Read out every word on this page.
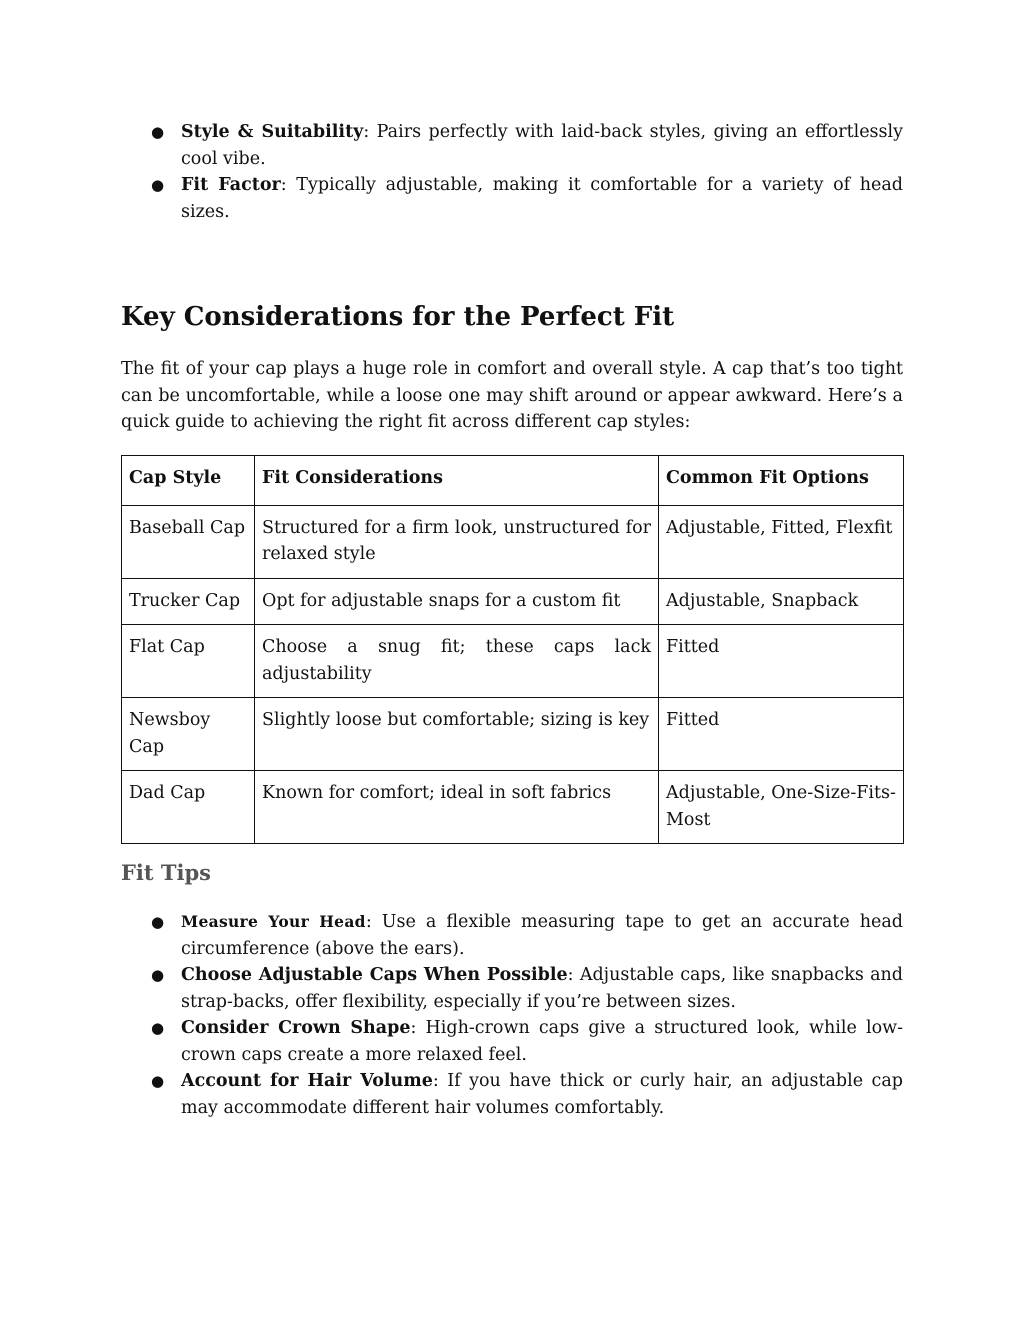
● Style & Suitability: Pairs perfectly with laid-back styles, giving an effortlessly cool vibe.
● Fit Factor: Typically adjustable, making it comfortable for a variety of head sizes.
Key Considerations for the Perfect Fit

The fit of your cap plays a huge role in comfort and overall style. A cap that’s too tight can be uncomfortable, while a loose one may shift around or appear awkward. Here’s a quick guide to achieving the right fit across different cap styles:

Cap Style	Fit Considerations	Common Fit Options
Baseball Cap	Structured for a firm look, unstructured for relaxed style	Adjustable, Fitted, Flexfit
Trucker Cap	Opt for adjustable snaps for a custom fit	Adjustable, Snapback
Flat Cap	Choose a snug fit; these caps lack adjustability	Fitted
Newsboy Cap	Slightly loose but comfortable; sizing is key	Fitted
Dad Cap	Known for comfort; ideal in soft fabrics	Adjustable, One-Size-Fits-Most
Fit Tips
● Measure Your Head: Use a flexible measuring tape to get an accurate head circumference (above the ears).
● Choose Adjustable Caps When Possible: Adjustable caps, like snapbacks and strap-backs, offer flexibility, especially if you’re between sizes.
● Consider Crown Shape: High-crown caps give a structured look, while low-crown caps create a more relaxed feel.
● Account for Hair Volume: If you have thick or curly hair, an adjustable cap may accommodate different hair volumes comfortably.
